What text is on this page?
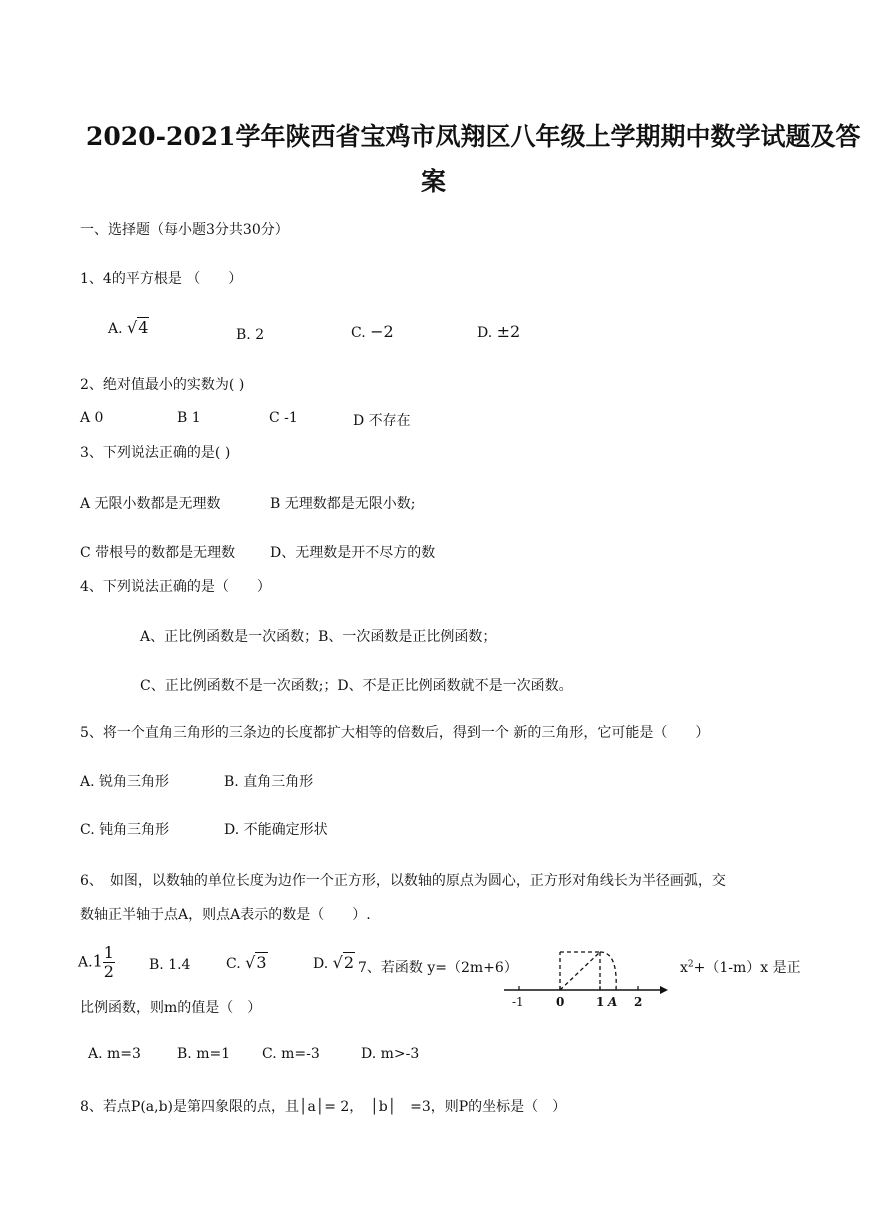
2020-2021学年陕西省宝鸡市凤翔区八年级上学期期中数学试题及答
案
一、选择题（每小题3分共30分）
1、4的平方根是 （　　）
A. √4	B. 2	C. −2	D. ±2
2、绝对值最小的实数为( )
A 0	B 1	C -1	D 不存在
3、下列说法正确的是( )
A 无限小数都是无理数	B 无理数都是无限小数;
C 带根号的数都是无理数 D、无理数是开不尽方的数
4、下列说法正确的是（　　）
A、正比例函数是一次函数；B、一次函数是正比例函数；
C、正比例函数不是一次函数;；D、不是正比例函数就不是一次函数。
5、将一个直角三角形的三条边的长度都扩大相等的倍数后，得到一个 新的三角形，它可能是（　　）
A. 锐角三角形	B. 直角三角形
C. 钝角三角形	D. 不能确定形状
6、　如图，以数轴的单位长度为边作一个正方形，以数轴的原点为圆心，正方形对角线长为半径画弧，交
数轴正半轴于点A，则点A表示的数是（　　）.
$A.1 \frac{1}{2} B$. 1.4	C. √3	D. √2 7、若函数 y=（2m+6）	$x^2+(1-m)x$ 是正
比例函数，则m的值是（　）	-1	0	1 A 2
A. m=3	B. m=1 C. m=-3	D. m>-3
8、若点P(a,b)是第四象限的点，且│a│= 2，　│b│　=3，则P的坐标是（　）
